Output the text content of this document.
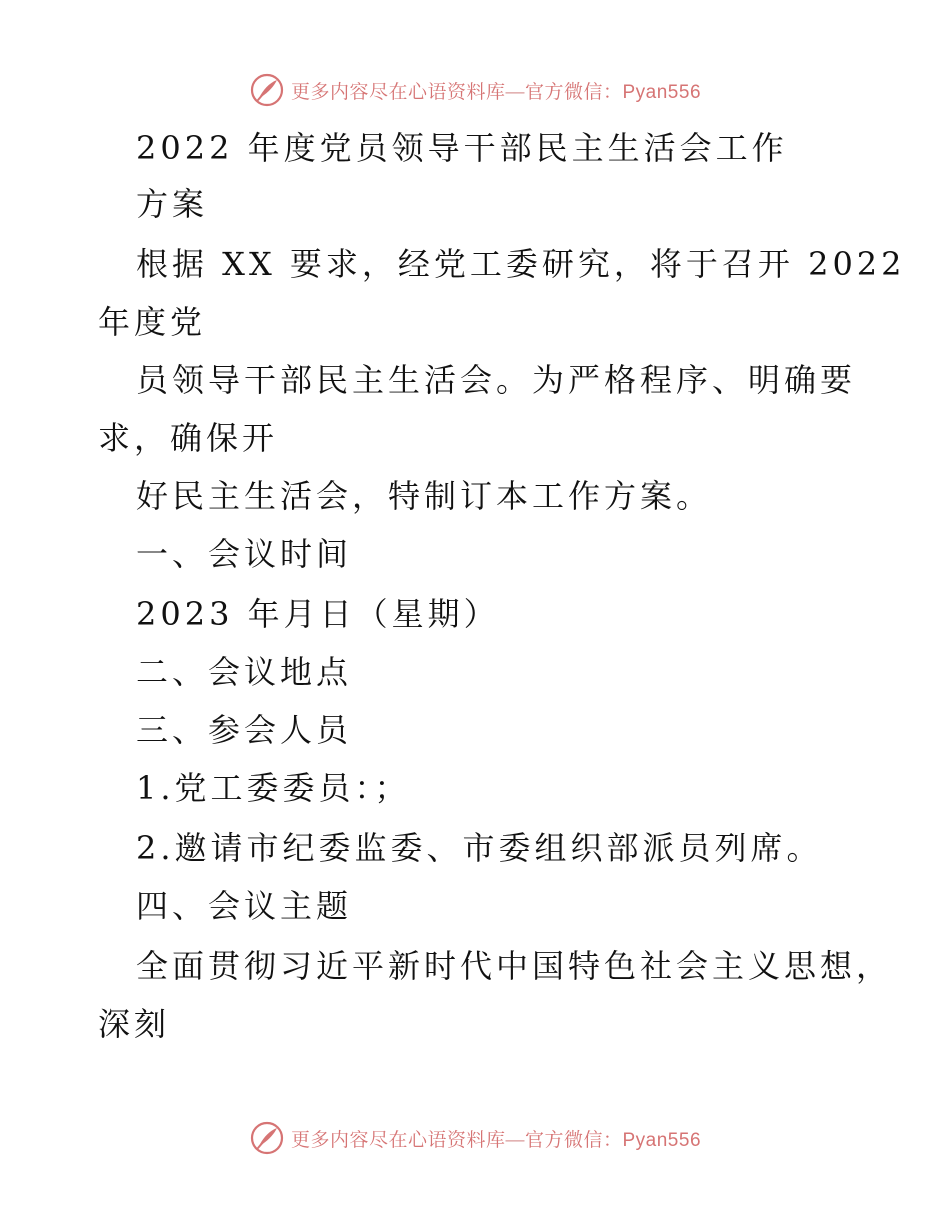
更多内容尽在心语资料库—官方微信：Pyan556
2022 年度党员领导干部民主生活会工作
方案
根据 XX 要求，经党工委研究，将于召开 2022
年度党
员领导干部民主生活会。为严格程序、明确要
求，确保开
好民主生活会，特制订本工作方案。
一、会议时间
2023 年月日（星期）
二、会议地点
三、参会人员
1.党工委委员：；
2.邀请市纪委监委、市委组织部派员列席。
四、会议主题
全面贯彻习近平新时代中国特色社会主义思想，
深刻
更多内容尽在心语资料库—官方微信：Pyan556
